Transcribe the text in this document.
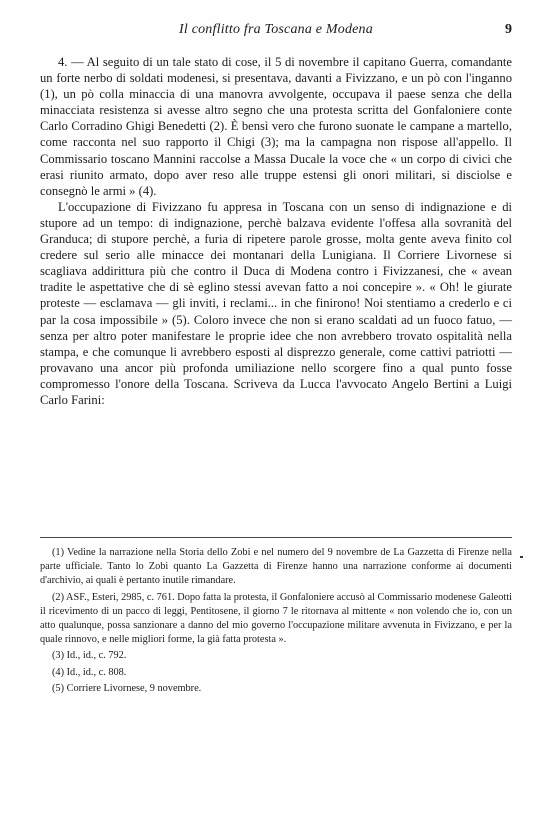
Il conflitto fra Toscana e Modena	9

4. — Al seguito di un tale stato di cose, il 5 di novembre il capitano Guerra, comandante un forte nerbo di soldati modenesi, si presentava, davanti a Fivizzano, e un pò con l'inganno (1), un pò colla minaccia di una manovra avvolgente, occupava il paese senza che della minacciata resistenza si avesse altro segno che una protesta scritta del Gonfaloniere conte Carlo Corradino Ghigi Benedetti (2). È bensì vero che furono suonate le campane a martello, come racconta nel suo rapporto il Chigi (3); ma la campagna non rispose all'appello. Il Commissario toscano Mannini raccolse a Massa Ducale la voce che « un corpo di civici che erasi riunito armato, dopo aver reso alle truppe estensi gli onori militari, si disciolse e consegnò le armi » (4).

L'occupazione di Fivizzano fu appresa in Toscana con un senso di indignazione e di stupore ad un tempo: di indignazione, perchè balzava evidente l'offesa alla sovranità del Granduca; di stupore perchè, a furia di ripetere parole grosse, molta gente aveva finito col credere sul serio alle minacce dei montanari della Lunigiana. Il Corriere Livornese si scagliava addirittura più che contro il Duca di Modena contro i Fivizzanesi, che « avean tradite le aspettative che di sè eglino stessi avevan fatto a noi concepire ». « Oh! le giurate proteste — esclamava — gli inviti, i reclami... in che finirono! Noi stentiamo a crederlo e ci par la cosa impossibile » (5). Coloro invece che non si erano scaldati ad un fuoco fatuo, — senza per altro poter manifestare le proprie idee che non avrebbero trovato ospitalità nella stampa, e che comunque li avrebbero esposti al disprezzo generale, come cattivi patriotti — provavano una ancor più profonda umiliazione nello scorgere fino a qual punto fosse compromesso l'onore della Toscana. Scriveva da Lucca l'avvocato Angelo Bertini a Luigi Carlo Farini:

(1) Vedine la narrazione nella Storia dello Zobi e nel numero del 9 novembre de La Gazzetta di Firenze nella parte ufficiale. Tanto lo Zobi quanto La Gazzetta di Firenze hanno una narrazione conforme ai documenti d'archivio, ai quali è pertanto inutile rimandare.

(2) ASF., Esteri, 2985, c. 761. Dopo fatta la protesta, il Gonfaloniere accusò al Commissario modenese Galeotti il ricevimento di un pacco di leggi, Pentitosene, il giorno 7 le ritornava al mittente « non volendo che io, con un atto qualunque, possa sanzionare a danno del mio governo l'occupazione militare avvenuta in Fivizzano, e per la quale rinnovo, e nelle migliori forme, la già fatta protesta ».

(3) Id., id., c. 792.

(4) Id., id., c. 808.

(5) Corriere Livornese, 9 novembre.
